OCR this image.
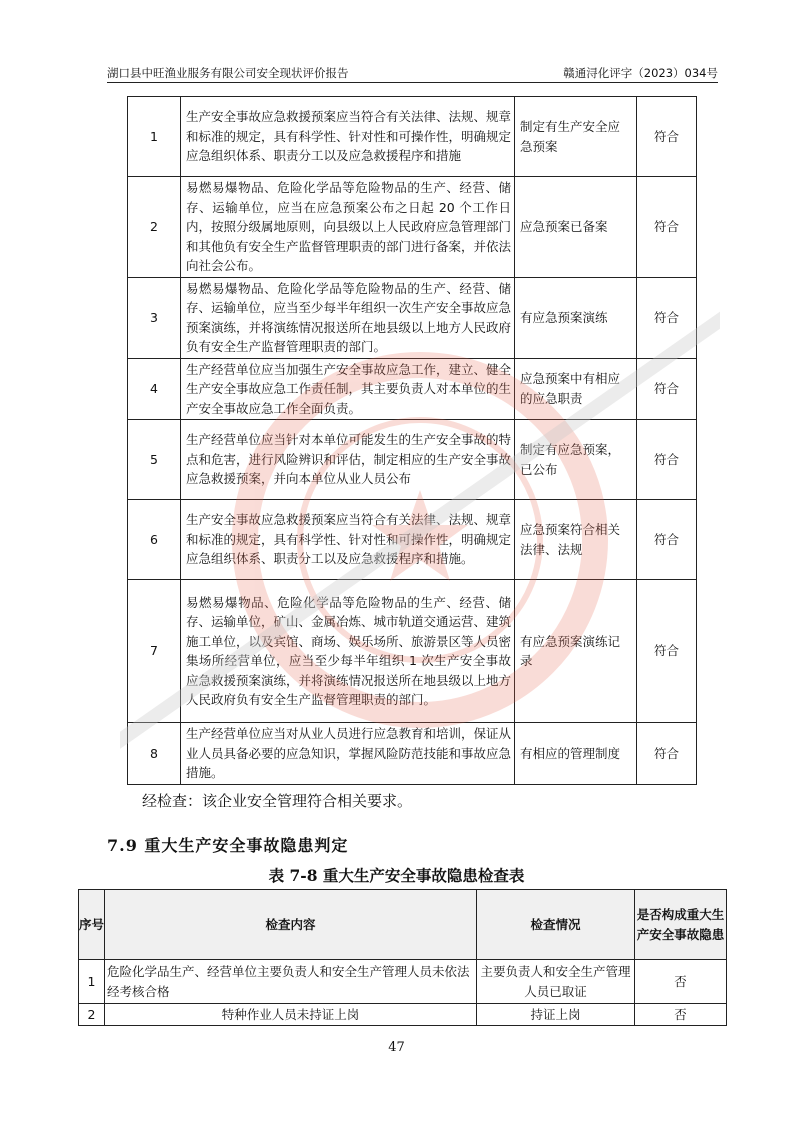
湖口县中旺渔业服务有限公司安全现状评价报告	赣通浔化评字（2023）034号
1	生产安全事故应急救援预案应当符合有关法律、法规、规章和标准的规定，具有科学性、针对性和可操作性，明确规定应急组织体系、职责分工以及应急救援程序和措施	制定有生产安全应急预案	符合
2	易燃易爆物品、危险化学品等危险物品的生产、经营、储存、运输单位，应当在应急预案公布之日起 20 个工作日内，按照分级属地原则，向县级以上人民政府应急管理部门和其他负有安全生产监督管理职责的部门进行备案，并依法向社会公布。	应急预案已备案	符合
3	易燃易爆物品、危险化学品等危险物品的生产、经营、储存、运输单位，应当至少每半年组织一次生产安全事故应急预案演练，并将演练情况报送所在地县级以上地方人民政府负有安全生产监督管理职责的部门。	有应急预案演练	符合
4	生产经营单位应当加强生产安全事故应急工作，建立、健全生产安全事故应急工作责任制，其主要负责人对本单位的生产安全事故应急工作全面负责。	应急预案中有相应的应急职责	符合
5	生产经营单位应当针对本单位可能发生的生产安全事故的特点和危害，进行风险辨识和评估，制定相应的生产安全事故应急救援预案，并向本单位从业人员公布	制定有应急预案，已公布	符合
6	生产安全事故应急救援预案应当符合有关法律、法规、规章和标准的规定，具有科学性、针对性和可操作性，明确规定应急组织体系、职责分工以及应急救援程序和措施。	应急预案符合相关法律、法规	符合
7	易燃易爆物品、危险化学品等危险物品的生产、经营、储存、运输单位，矿山、金属冶炼、城市轨道交通运营、建筑施工单位，以及宾馆、商场、娱乐场所、旅游景区等人员密集场所经营单位，应当至少每半年组织 1 次生产安全事故应急救援预案演练，并将演练情况报送所在地县级以上地方人民政府负有安全生产监督管理职责的部门。	有应急预案演练记录	符合
8	生产经营单位应当对从业人员进行应急教育和培训，保证从业人员具备必要的应急知识，掌握风险防范技能和事故应急措施。	有相应的管理制度	符合
经检查：该企业安全管理符合相关要求。
7.9 重大生产安全事故隐患判定
表 7-8 重大生产安全事故隐患检查表
序号	检查内容	检查情况	是否构成重大生产安全事故隐患
1	危险化学品生产、经营单位主要负责人和安全生产管理人员未依法经考核合格	主要负责人和安全生产管理人员已取证	否
2	特种作业人员未持证上岗	持证上岗	否
47
